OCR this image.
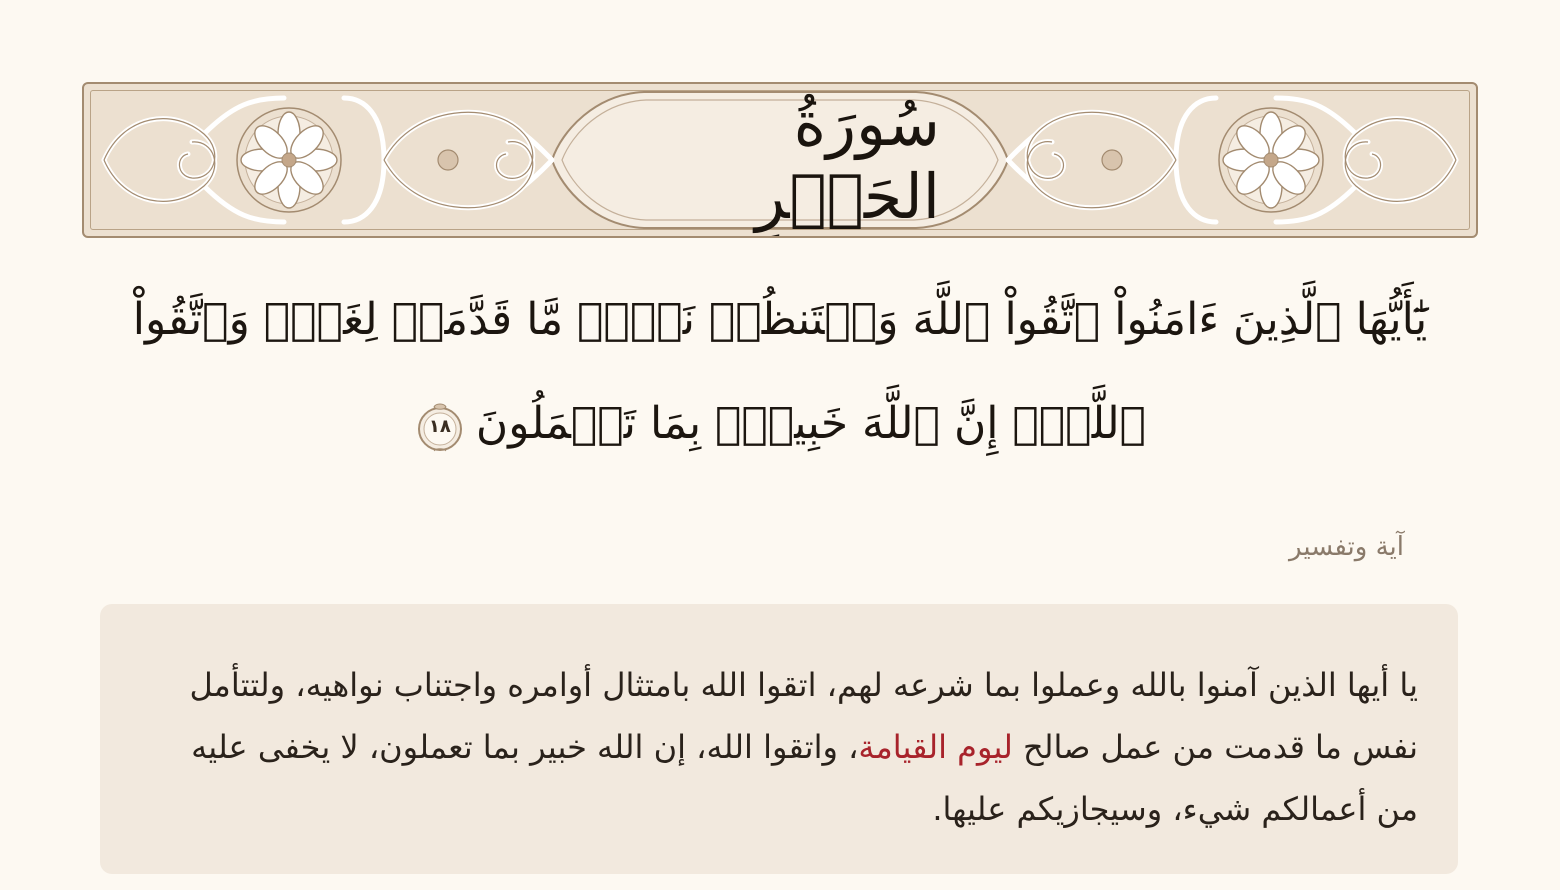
سُورَةُ الحَشۡرِ
يَٰٓأَيُّهَا ٱلَّذِينَ ءَامَنُواْ ٱتَّقُواْ ٱللَّهَ وَلۡتَنظُرۡ نَفۡسٞ مَّا قَدَّمَتۡ لِغَدٖۖ وَٱتَّقُواْ ٱللَّهَۚ إِنَّ ٱللَّهَ خَبِيرُۢ بِمَا تَعۡمَلُونَ
١٨
آية وتفسير
يا أيها الذين آمنوا بالله وعملوا بما شرعه لهم، اتقوا الله بامتثال أوامره واجتناب نواهيه، ولتتأمل نفس ما قدمت من عمل صالح ليوم القيامة، واتقوا الله، إن الله خبير بما تعملون، لا يخفى عليه من أعمالكم شيء، وسيجازيكم عليها.
